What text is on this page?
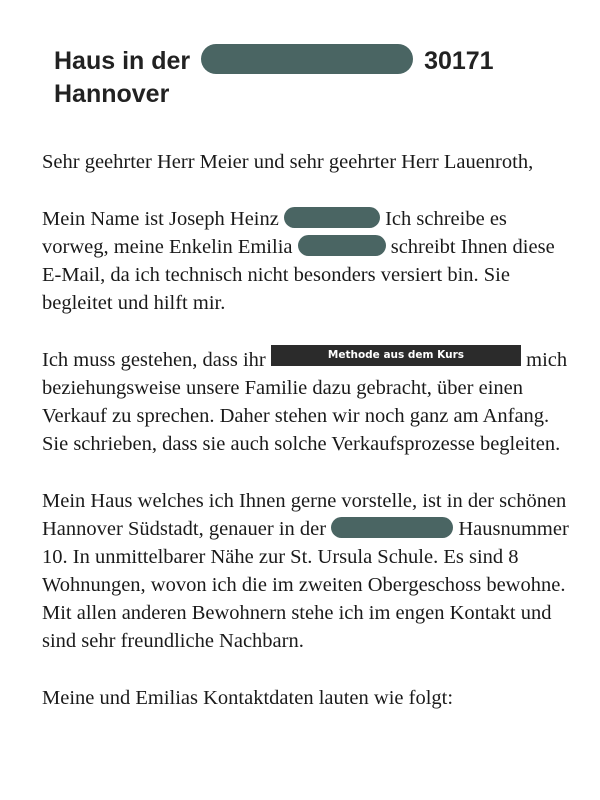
Haus in der	30171
Hannover

Sehr geehrter Herr Meier und sehr geehrter Herr Lauenroth,

Mein Name ist Joseph Heinz	Ich schreibe es vorweg, meine Enkelin Emilia	schreibt Ihnen diese E-Mail, da ich technisch nicht besonders versiert bin. Sie begleitet und hilft mir.

Ich muss gestehen, dass ihr	Methode aus dem Kurs	mich beziehungsweise unsere Familie dazu gebracht, über einen Verkauf zu sprechen. Daher stehen wir noch ganz am Anfang. Sie schrieben, dass sie auch solche Verkaufsprozesse begleiten.

Mein Haus welches ich Ihnen gerne vorstelle, ist in der schönen Hannover Südstadt, genauer in der	Hausnummer 10. In unmittelbarer Nähe zur St. Ursula Schule. Es sind 8 Wohnungen, wovon ich die im zweiten Obergeschoss bewohne. Mit allen anderen Bewohnern stehe ich im engen Kontakt und sind sehr freundliche Nachbarn.

Meine und Emilias Kontaktdaten lauten wie folgt:
